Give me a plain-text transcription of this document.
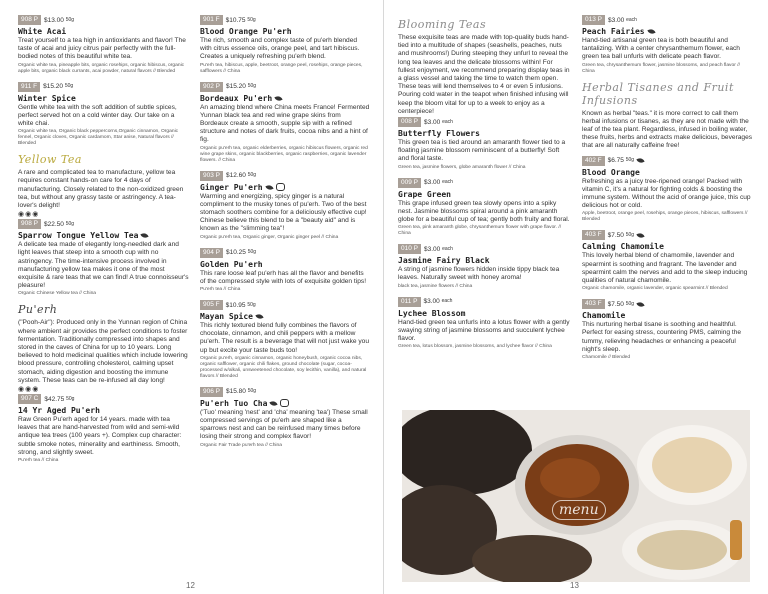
908 P $13.00 $^{50g}$
White Acai
Treat yourself to a tea high in antioxidants and flavor! The taste of acai and juicy citrus pair perfectly with the full-bodied notes of this beautiful white tea.
Organic white tea, pineapple bits, organic rosehips, organic hibiscus, organic apple bits, organic black currants, acai powder, natural flavors // Blended
911 F $15.20 $^{50g}$
Winter Spice
Gentle white tea with the soft addition of subtle spices, perfect served hot on a cold winter day. Our take on a white chai.
Organic white tea, Organic black peppercorns,Organic cinnamon, Organic fennel, Organic cloves, Organic cardamom, Star anise, Natural flavors // Blended
Yellow Tea
A rare and complicated tea to manufacture, yellow tea requires constant hands-on care for 4 days of manufacturing. Closely related to the non-oxidized green tea, but without any grassy taste or astringency. A tea-lover's delight!
◉◉◉
908 P $22.50 $^{50g}$
Sparrow Tongue Yellow Tea
A delicate tea made of elegantly long-needled dark and light leaves that steep into a smooth cup with no astringency. The time-intensive process involved in manufacturing yellow tea makes it one of the most exquisite & rare teas that we can find! A true connoisseur's pleasure!
Organic Chinese Yellow tea // China
Pu'erh
("Pooh-Air"): Produced only in the Yunnan region of China where ambient air provides the perfect conditions to foster fermentation. Traditionally compressed into shapes and stored in the caves of China for up to 10 years. Long believed to hold medicinal qualities which include lowering blood pressure, controlling cholesterol, calming upset stomach, aiding digestion and boosting the immune system. These teas can be re-infused all day long!
◉◉◉
907 C $42.75 $^{50g}$
14 Yr Aged Pu'erh
Raw Green Pu'erh aged for 14 years. made with tea leaves that are hand-harvested from wild and semi-wild antique tea trees (100 years +). Complex cup character: subtle smoke notes, minerality and earthiness. Smooth, strong, and slightly sweet.
Pu'erh tea // China
901 F $10.75 $^{50g}$
Blood Orange Pu'erh
The rich, smooth and complex taste of pu'erh blended with citrus essence oils, orange peel, and tart hibiscus. Creates a uniquely refreshing pu'erh blend.
Pu'erh tea, hibiscus, apple, beetroot, orange peel, rosehips, orange pieces, safflowers // China
902 P $15.20 $^{50g}$
Bordeaux Pu'erh
An amazing blend where China meets France! Fermented Yunnan black tea and red wine grape skins from Bordeaux create a smooth, supple sip with a refined structure and notes of dark fruits, cocoa nibs and a hint of fig.
Organic pu'erh tea, organic elderberries, organic hibiscus flowers, organic red wine grape skins, organic blackberries, organic raspberries, organic lavender flowers. // China
903 P $12.60 $^{50g}$
Ginger Pu'erh
Warming and energizing, spicy ginger is a natural compliment to the musky tones of pu'erh. Two of the best stomach soothers combine for a deliciously effective cup! Chinese believe this blend to be a "beauty aid" and is known as the "slimming tea"!
Organic pu'erh tea, Organic ginger, Organic ginger peel // China
904 P $10.25 $^{50g}$
Golden Pu'erh
This rare loose leaf pu'erh has all the flavor and benefits of the compressed style with lots of exquisite golden tips!
Pu'erh tea // China
905 F $10.95 $^{50g}$
Mayan Spice
This richly textured blend fully combines the flavors of chocolate, cinnamon, and chili peppers with a mellow pu'erh. The result is a beverage that will not just wake you up but excite your taste buds too!
Organic pu'erh, organic cinnamon, organic honeybush, organic cocoa nibs, organic safflower, organic chili flakes, ground chocolate (sugar, cocoa-processed w/alkali, unsweetened chocolate, soy lecithin, vanilla), and natural flavors // Blended
906 P $15.80 $^{50g}$
Pu'erh Tuo Cha
('Tuo' meaning 'nest' and 'cha' meaning 'tea') These small compressed servings of pu'erh are shaped like a sparrows nest and can be reinfused many times before losing their strong and complex flavor!
Organic Fair Trade pu'erh tea // China
12
Blooming Teas
These exquisite teas are made with top-quality buds hand-tied into a multitude of shapes (seashells, peaches, nuts and mushrooms!) During steeping they unfurl to reveal the long tea leaves and the delicate blossoms within! For fullest enjoyment, we recommend preparing display teas in a glass vessel and taking the time to watch them open. These teas will lend themselves to 4 or even 5 infusions. Pouring cold water in the teapot when finished infusing will keep the bloom vital for up to a week to enjoy as a centerpiece!
008 P $3.00 $^{each}$
Butterfly Flowers
This green tea is tied around an amaranth flower tied to a floating jasmine blossom reminiscent of a butterfly! Soft and floral taste.
Green tea, jasmine flowers, globe amaranth flower // China
009 P $3.00 $^{each}$
Grape Green
This grape infused green tea slowly opens into a spiky nest. Jasmine blossoms spiral around a pink amaranth globe for a beautiful cup of tea; gently both fruity and floral.
Green tea, pink amaranth globe, chrysanthemum flower with grape flavor. // China
010 P $3.00 $^{each}$
Jasmine Fairy Black
A string of jasmine flowers hidden inside tippy black tea leaves. Naturally sweet with honey aroma!
black tea, jasmine flowers // China
011 P $3.00 $^{each}$
Lychee Blossom
Hand-tied green tea unfurls into a lotus flower with a gently swaying string of jasmine blossoms and succulent lychee flavor.
Green tea, lotus blossom, jasmine blossoms, and lychee flavor // China
013 P $3.00 $^{each}$
Peach Fairies
Hand-tied artisanal green tea is both beautiful and tantalizing. With a center chrysanthemum flower, each green tea ball unfurls with delicate peach flavor.
Green tea, chrysanthemum flower, jasmine blossoms, and peach flavor // China
Herbal Tisanes and Fruit Infusions
Known as herbal "teas." it is more correct to call them herbal infusions or tisanes, as they are not made with the leaf of the tea plant. Regardless, infused in boiling water, these fruits, herbs and extracts make delicious, beverages that are all naturally caffeine free!
402 F $6.75 $^{50g}$
Blood Orange
Refreshing as a juicy tree-ripened orange! Packed with vitamin C, it's a natural for fighting colds & boosting the immune system. Without the acid of orange juice, this cup delicious hot or cold.
Apple, beetroot, orange peel, rosehips, orange pieces, hibiscus, safflowers // Blended
403 F $7.50 $^{50g}$
Calming Chamomile
This lovely herbal blend of chamomile, lavender and spearmint is soothing and fragrant. The lavender and spearmint calm the nerves and add to the sleep inducing qualities of natural chamomile.
Organic chamomile, organic lavender, organic spearmint // Blended
403 F $7.50 $^{50g}$
Chamomile
This nurturing herbal tisane is soothing and healthful. Perfect for easing stress, countering PMS, calming the tummy, relieving headaches or enhancing a peaceful night's sleep.
Chamomile // Blended
menu
13
